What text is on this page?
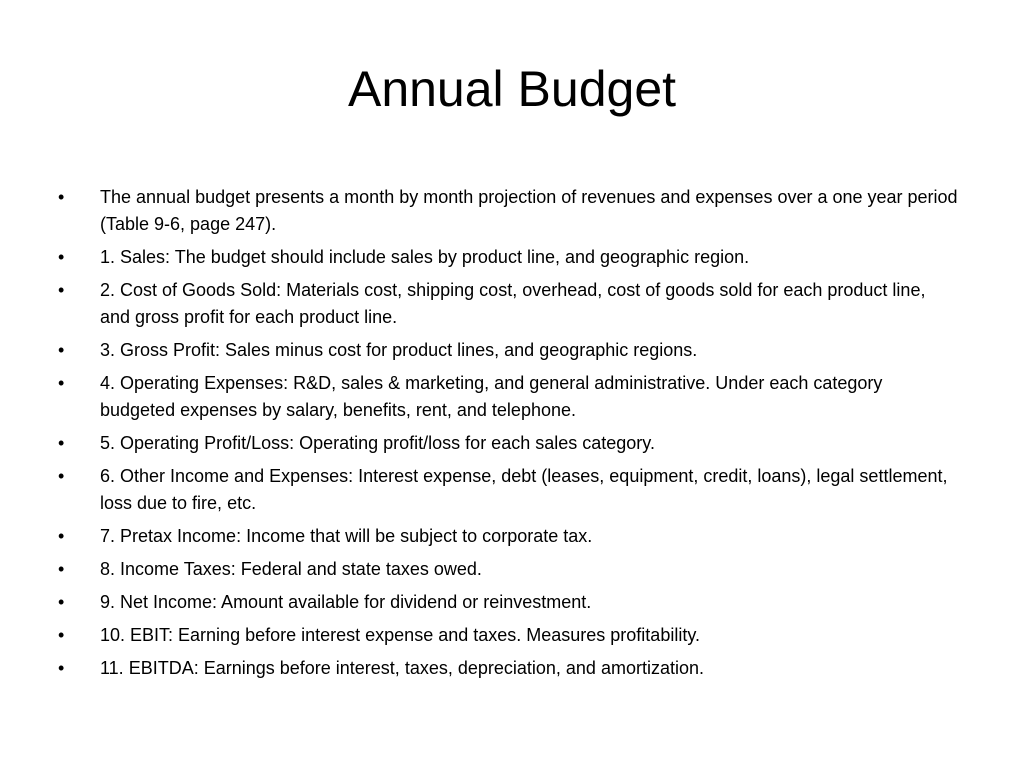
Annual Budget
•	The annual budget presents a month by month projection of revenues and expenses over a one year period (Table 9-6, page 247).
•	1. Sales: The budget should include sales by product line, and geographic region.
•	2. Cost of Goods Sold: Materials cost, shipping cost, overhead, cost of goods sold for each product line, and gross profit for each product line.
•	3. Gross Profit: Sales minus cost for product lines, and geographic regions.
•	4. Operating Expenses: R&D, sales & marketing, and general administrative. Under each category budgeted expenses by salary, benefits, rent, and telephone.
•	5. Operating Profit/Loss: Operating profit/loss for each sales category.
•	6. Other Income and Expenses: Interest expense, debt (leases, equipment, credit, loans), legal settlement, loss due to fire, etc.
•	7. Pretax Income: Income that will be subject to corporate tax.
•	8. Income Taxes: Federal and state taxes owed.
•	9. Net Income: Amount available for dividend or reinvestment.
•	10. EBIT: Earning before interest expense and taxes. Measures profitability.
•	11. EBITDA: Earnings before interest, taxes, depreciation, and amortization.
